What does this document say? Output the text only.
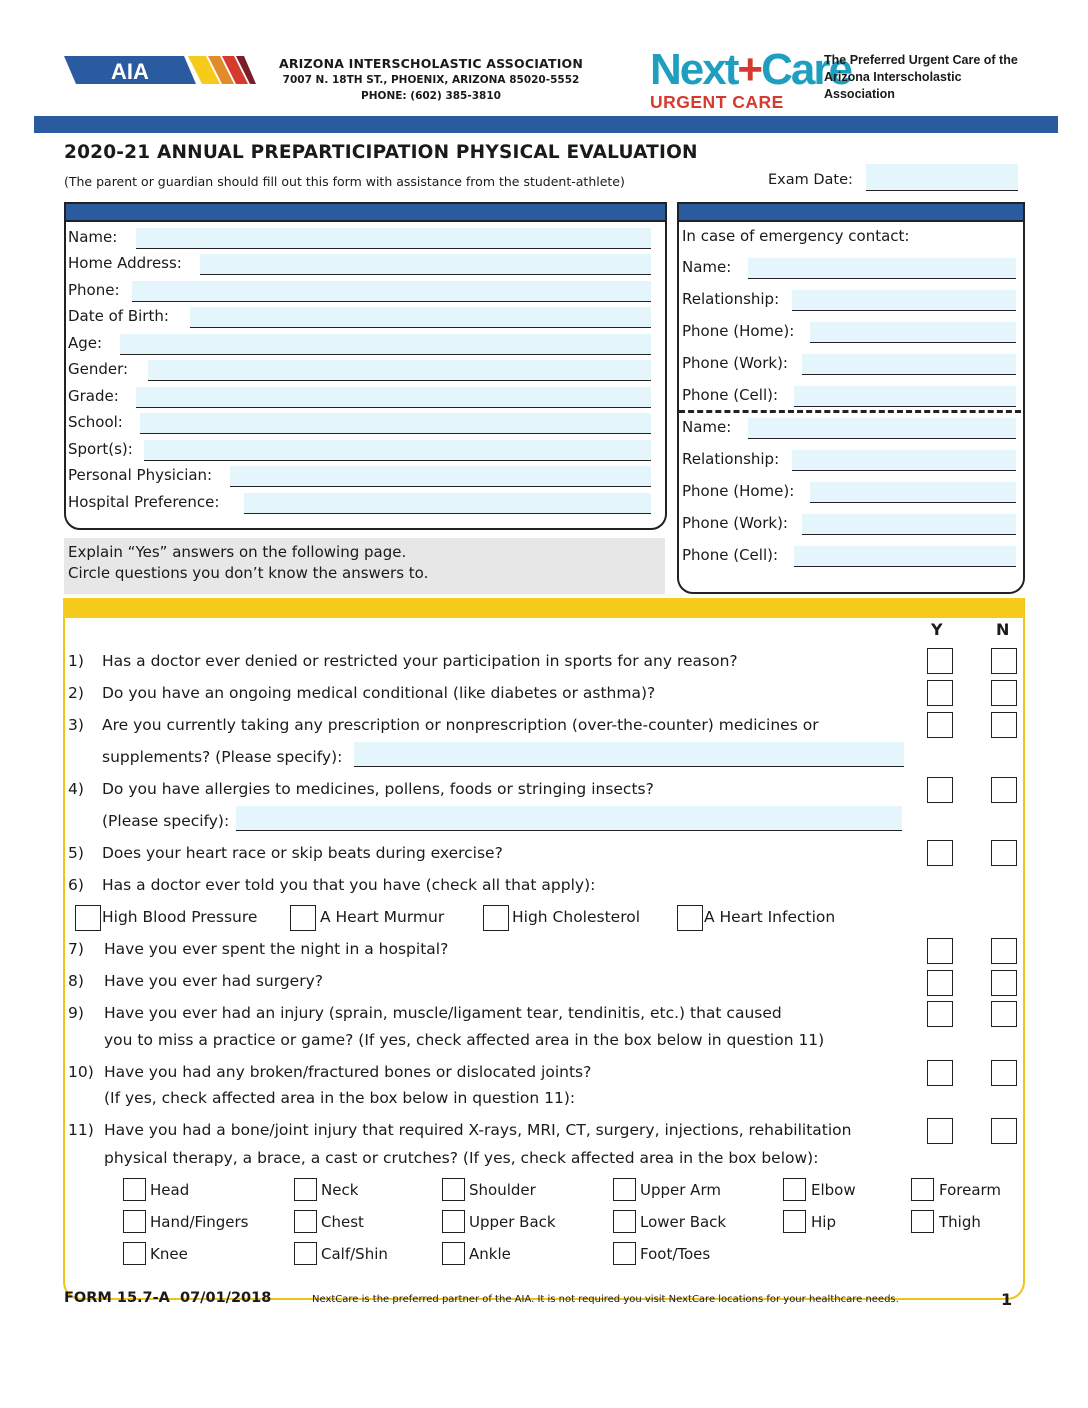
AIA	ARIZONA INTERSCHOLASTIC ASSOCIATION
7007 N. 18TH ST., PHOENIX, ARIZONA 85020-5552
PHONE: (602) 385-3810
Next+Care
URGENT CARE
The Preferred Urgent Care of the Arizona Interscholastic Association
2020-21 ANNUAL PREPARTICIPATION PHYSICAL EVALUATION
(The parent or guardian should fill out this form with assistance from the student-athlete)	Exam Date:
Name:
Home Address:
Phone:
Date of Birth:
Age:
Gender:
Grade:
School:
Sport(s):
Personal Physician:
Hospital Preference:
Explain “Yes” answers on the following page.
Circle questions you don’t know the answers to.
In case of emergency contact:
Name:
Relationship:
Phone (Home):
Phone (Work):
Phone (Cell):
Name:
Relationship:
Phone (Home):
Phone (Work):
Phone (Cell):
Y	N
1) Has a doctor ever denied or restricted your participation in sports for any reason?
2) Do you have an ongoing medical conditional (like diabetes or asthma)?
3) Are you currently taking any prescription or nonprescription (over-the-counter) medicines or
supplements? (Please specify):
4) Do you have allergies to medicines, pollens, foods or stringing insects?
(Please specify):
5) Does your heart race or skip beats during exercise?
6) Has a doctor ever told you that you have (check all that apply):
High Blood Pressure	A Heart Murmur	High Cholesterol	A Heart Infection
7) Have you ever spent the night in a hospital?
8) Have you ever had surgery?
9) Have you ever had an injury (sprain, muscle/ligament tear, tendinitis, etc.) that caused
you to miss a practice or game? (If yes, check affected area in the box below in question 11)
10) Have you had any broken/fractured bones or dislocated joints?
(If yes, check affected area in the box below in question 11):
11) Have you had a bone/joint injury that required X-rays, MRI, CT, surgery, injections, rehabilitation
physical therapy, a brace, a cast or crutches? (If yes, check affected area in the box below):
Head	Neck	Shoulder	Upper Arm	Elbow	Forearm
Hand/Fingers	Chest	Upper Back	Lower Back	Hip	Thigh
Knee	Calf/Shin	Ankle	Foot/Toes
FORM 15.7-A 07/01/2018	NextCare is the preferred partner of the AIA. It is not required you visit NextCare locations for your healthcare needs.	1
